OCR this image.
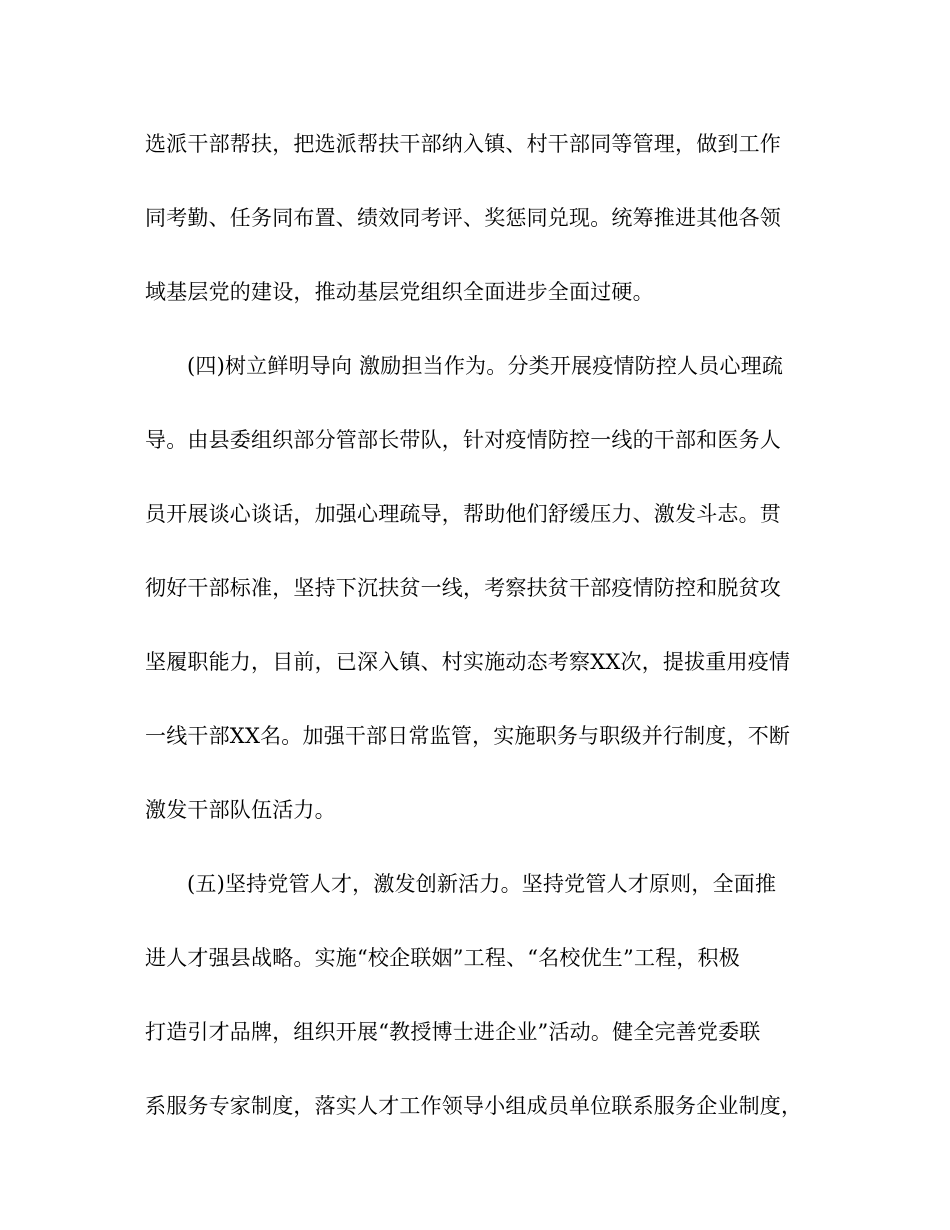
选派干部帮扶，把选派帮扶干部纳入镇、村干部同等管理，做到工作
同考勤、任务同布置、绩效同考评、奖惩同兑现。统筹推进其他各领
域基层党的建设，推动基层党组织全面进步全面过硬。
(四)树立鲜明导向 激励担当作为。分类开展疫情防控人员心理疏
导。由县委组织部分管部长带队，针对疫情防控一线的干部和医务人
员开展谈心谈话，加强心理疏导，帮助他们舒缓压力、激发斗志。贯
彻好干部标准，坚持下沉扶贫一线，考察扶贫干部疫情防控和脱贫攻
坚履职能力，目前，已深入镇、村实施动态考察XX次，提拔重用疫情
一线干部XX名。加强干部日常监管，实施职务与职级并行制度，不断
激发干部队伍活力。
(五)坚持党管人才，激发创新活力。坚持党管人才原则，全面推
进人才强县战略。实施“校企联姻”工程、“名校优生”工程，积极
打造引才品牌，组织开展“教授博士进企业”活动。健全完善党委联
系服务专家制度，落实人才工作领导小组成员单位联系服务企业制度，
